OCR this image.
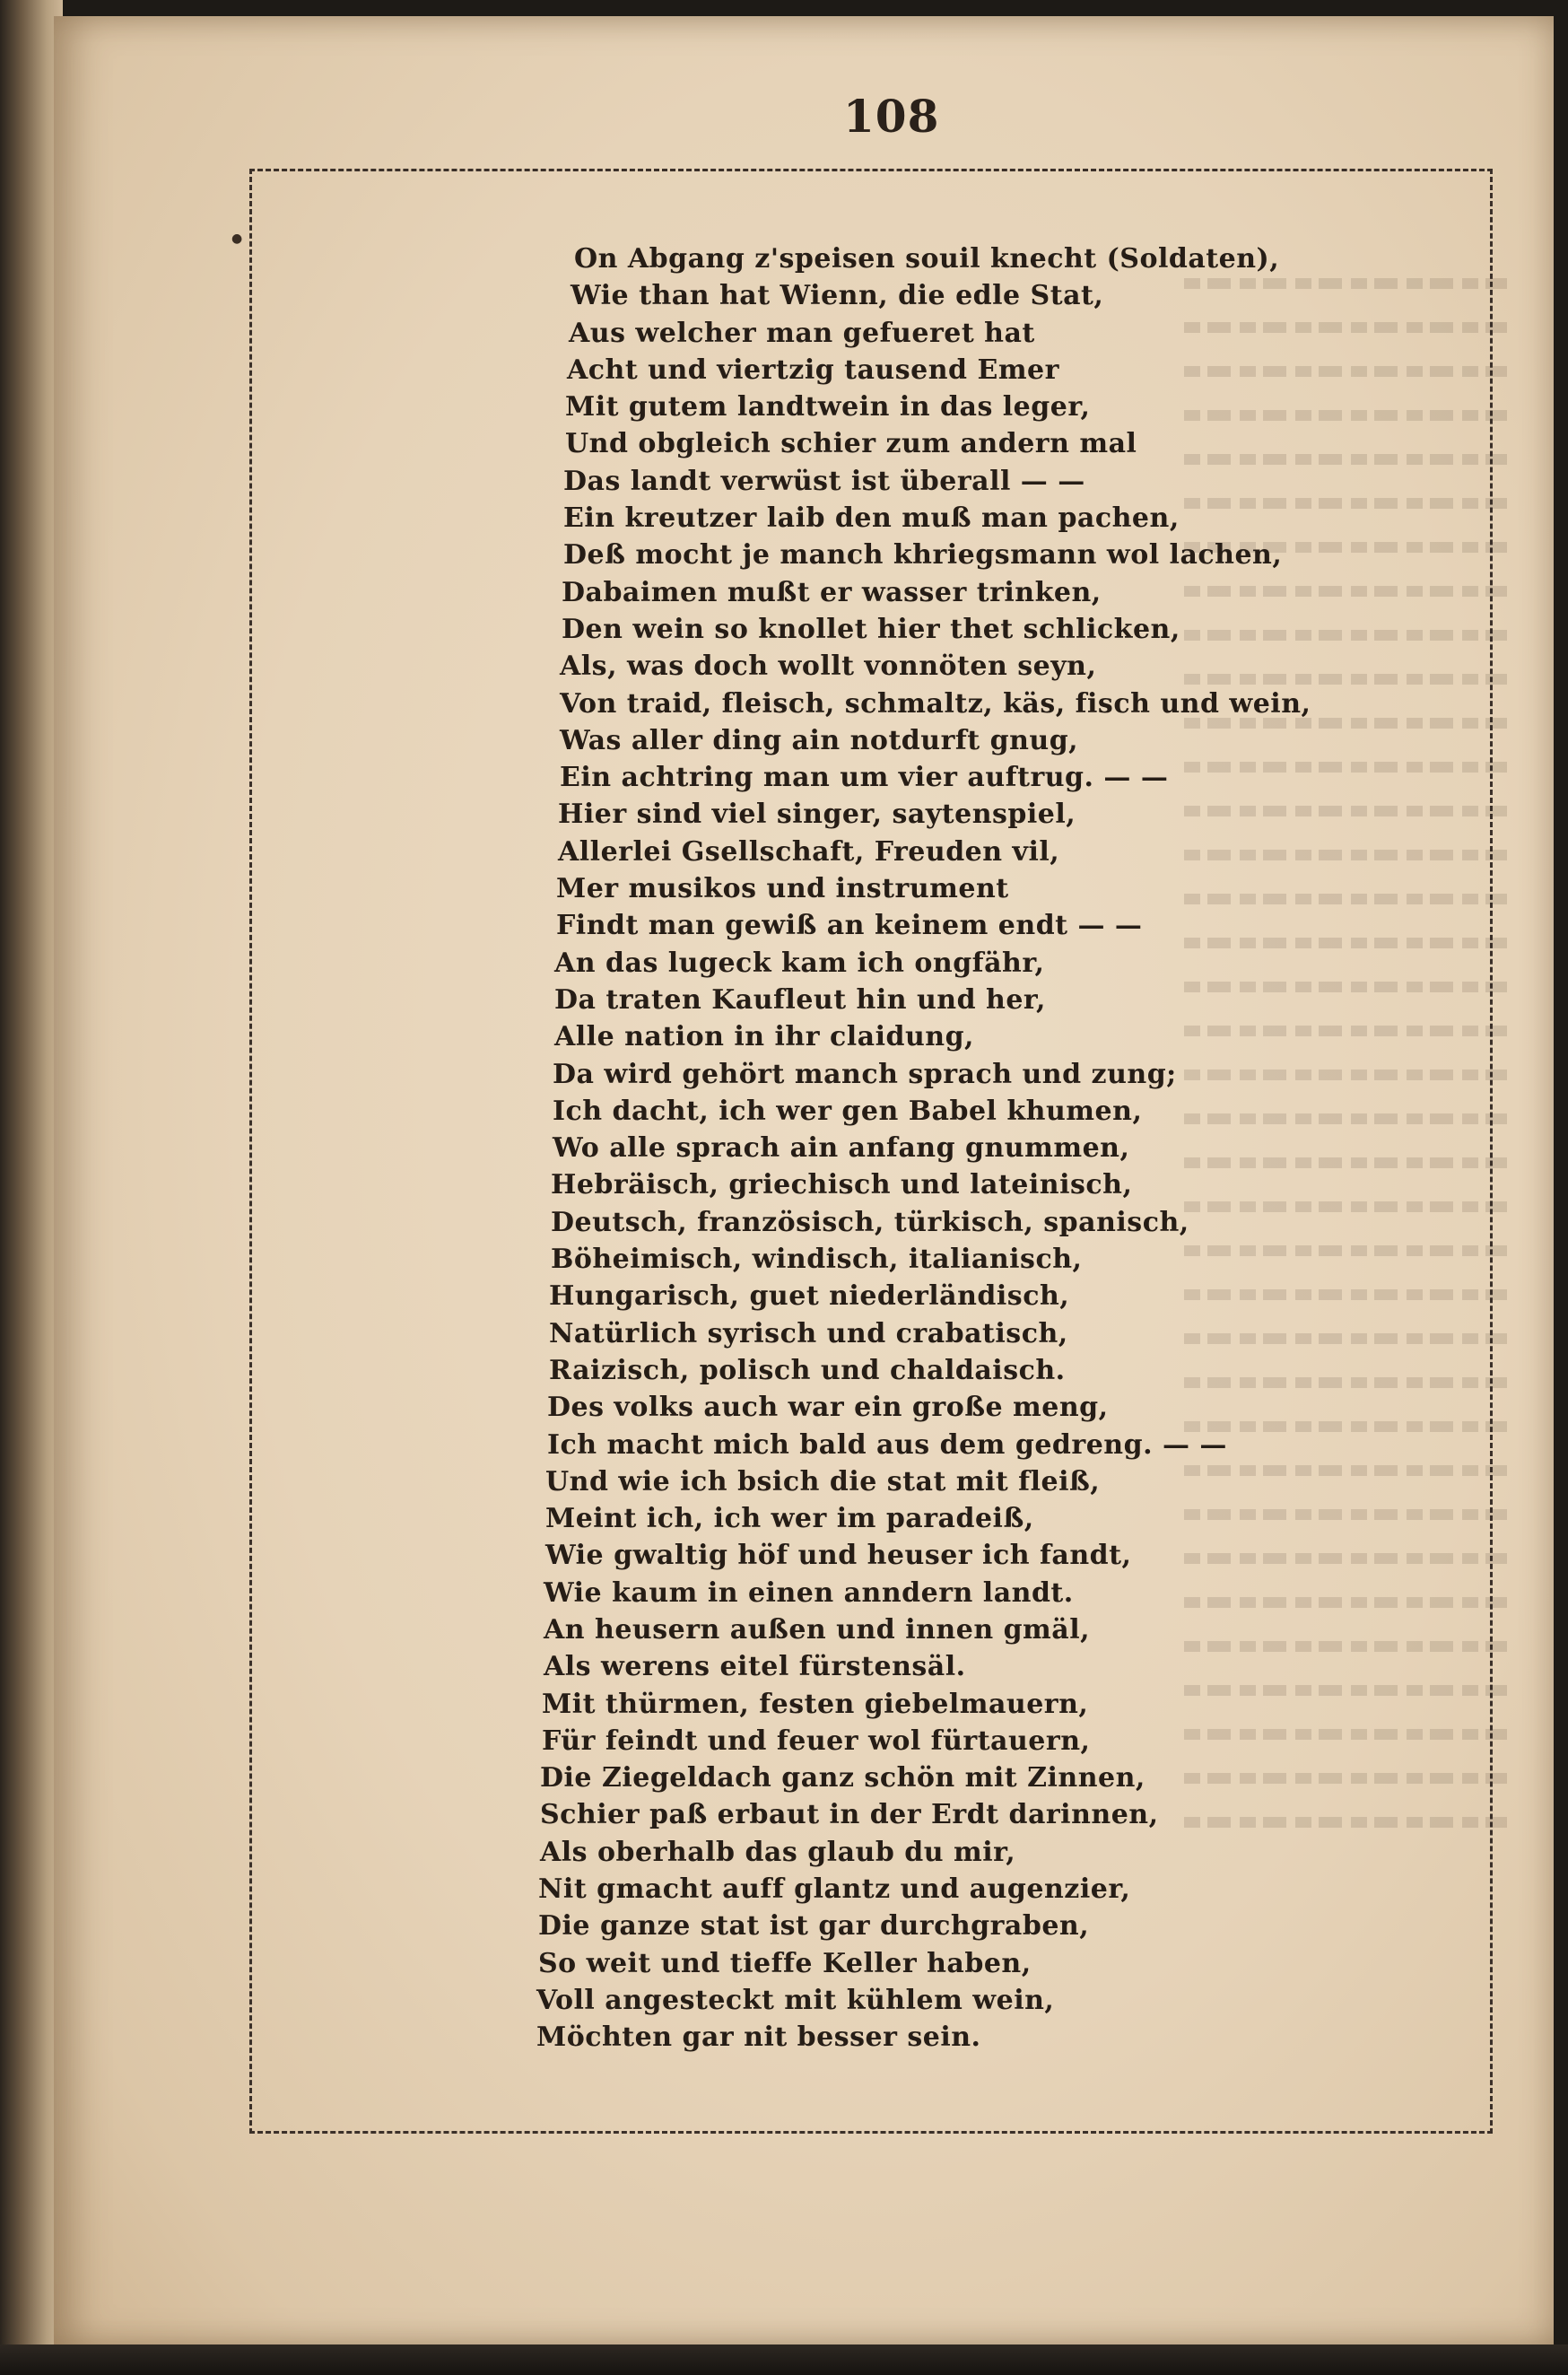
108
●
On Abgang z'speisen souil knecht (Soldaten),
Wie than hat Wienn, die edle Stat,
Aus welcher man gefueret hat
Acht und viertzig tausend Emer
Mit gutem landtwein in das leger,
Und obgleich schier zum andern mal
Das landt verwüst ist überall — —
Ein kreutzer laib den muß man pachen,
Deß mocht je manch khriegsmann wol lachen,
Dabaimen mußt er wasser trinken,
Den wein so knollet hier thet schlicken,
Als, was doch wollt vonnöten seyn,
Von traid, fleisch, schmaltz, käs, fisch und wein,
Was aller ding ain notdurft gnug,
Ein achtring man um vier auftrug. — —
Hier sind viel singer, saytenspiel,
Allerlei Gsellschaft, Freuden vil,
Mer musikos und instrument
Findt man gewiß an keinem endt — —
An das lugeck kam ich ongfähr,
Da traten Kaufleut hin und her,
Alle nation in ihr claidung,
Da wird gehört manch sprach und zung;
Ich dacht, ich wer gen Babel khumen,
Wo alle sprach ain anfang gnummen,
Hebräisch, griechisch und lateinisch,
Deutsch, französisch, türkisch, spanisch,
Böheimisch, windisch, italianisch,
Hungarisch, guet niederländisch,
Natürlich syrisch und crabatisch,
Raizisch, polisch und chaldaisch.
Des volks auch war ein große meng,
Ich macht mich bald aus dem gedreng. — —
Und wie ich bsich die stat mit fleiß,
Meint ich, ich wer im paradeiß,
Wie gwaltig höf und heuser ich fandt,
Wie kaum in einen anndern landt.
An heusern außen und innen gmäl,
Als werens eitel fürstensäl.
Mit thürmen, festen giebelmauern,
Für feindt und feuer wol fürtauern,
Die Ziegeldach ganz schön mit Zinnen,
Schier paß erbaut in der Erdt darinnen,
Als oberhalb das glaub du mir,
Nit gmacht auff glantz und augenzier,
Die ganze stat ist gar durchgraben,
So weit und tieffe Keller haben,
Voll angesteckt mit kühlem wein,
Möchten gar nit besser sein.
